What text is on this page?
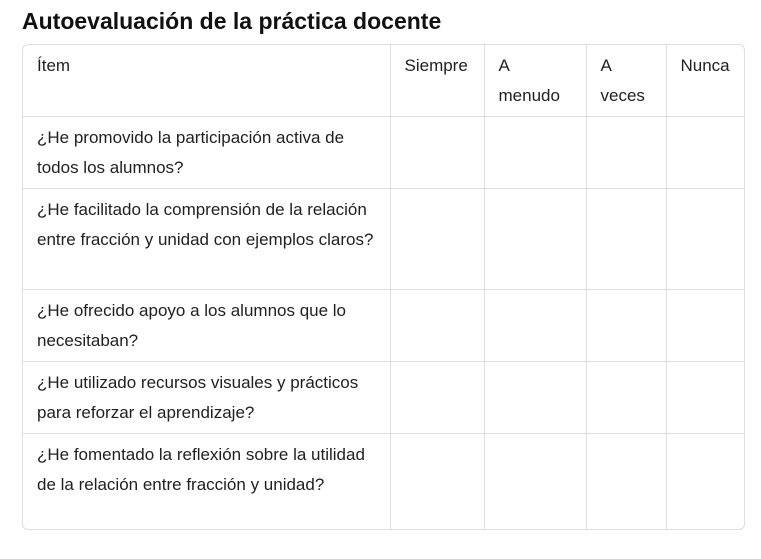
Autoevaluación de la práctica docente
Ítem	Siempre	A menudo	A veces	Nunca
¿He promovido la participación activa de todos los alumnos?				
¿He facilitado la comprensión de la relación entre fracción y unidad con ejemplos claros?				
¿He ofrecido apoyo a los alumnos que lo necesitaban?				
¿He utilizado recursos visuales y prácticos para reforzar el aprendizaje?				
¿He fomentado la reflexión sobre la utilidad de la relación entre fracción y unidad?				
